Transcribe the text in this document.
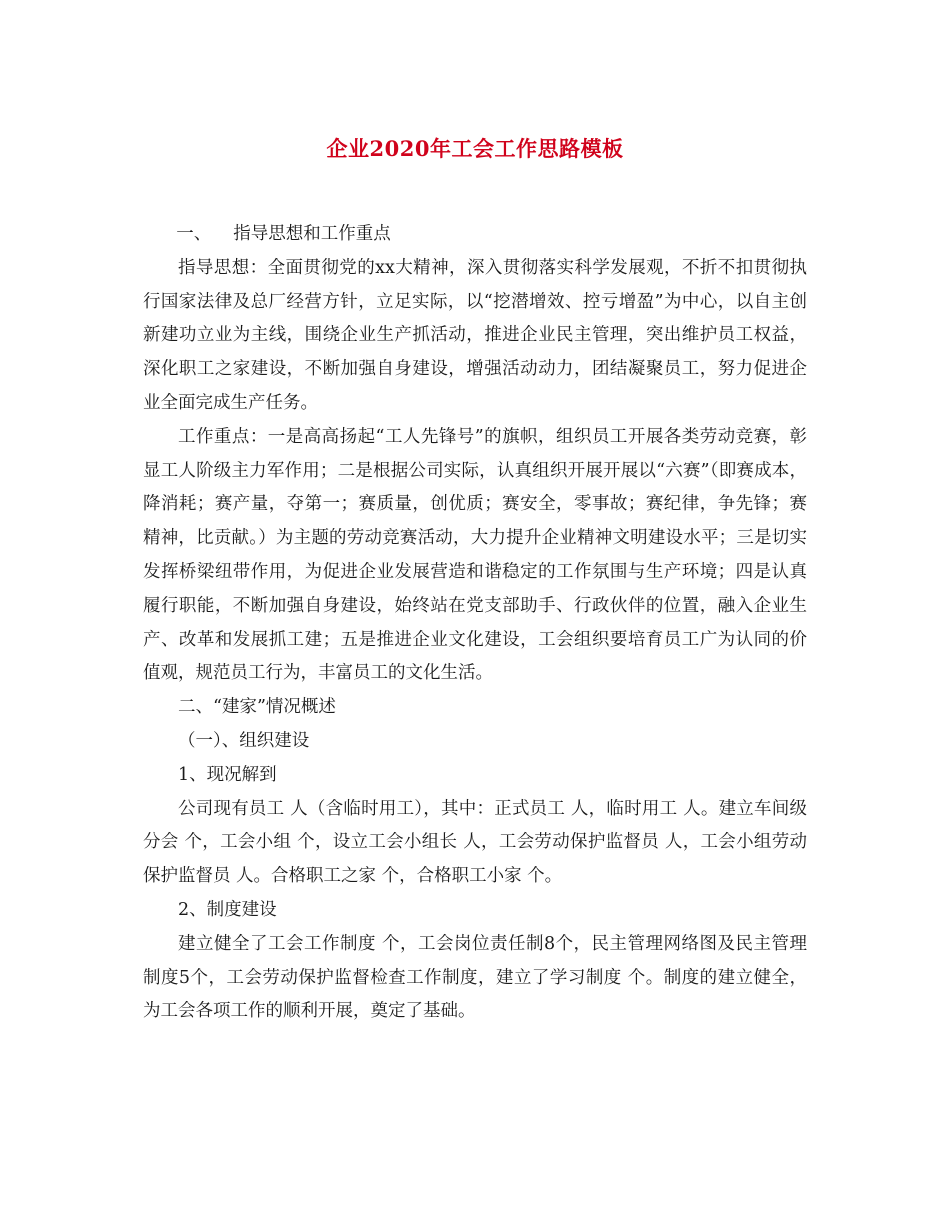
企业2020年工会工作思路模板

一、 指导思想和工作重点

指导思想：全面贯彻党的xx大精神，深入贯彻落实科学发展观，不折不扣贯彻执行国家法律及总厂经营方针，立足实际，以“挖潜增效、控亏增盈”为中心，以自主创新建功立业为主线，围绕企业生产抓活动，推进企业民主管理，突出维护员工权益，深化职工之家建设，不断加强自身建设，增强活动动力，团结凝聚员工，努力促进企业全面完成生产任务。

工作重点：一是高高扬起“工人先锋号”的旗帜，组织员工开展各类劳动竞赛，彰显工人阶级主力军作用；二是根据公司实际，认真组织开展开展以“六赛”（即赛成本，降消耗；赛产量，夺第一；赛质量，创优质；赛安全，零事故；赛纪律，争先锋；赛精神，比贡献。）为主题的劳动竞赛活动，大力提升企业精神文明建设水平；三是切实发挥桥梁纽带作用，为促进企业发展营造和谐稳定的工作氛围与生产环境；四是认真履行职能，不断加强自身建设，始终站在党支部助手、行政伙伴的位置，融入企业生产、改革和发展抓工建；五是推进企业文化建设，工会组织要培育员工广为认同的价值观，规范员工行为，丰富员工的文化生活。

二、“建家”情况概述

（一）、组织建设

1、现况解到

公司现有员工 人（含临时用工），其中：正式员工 人，临时用工 人。建立车间级分会 个，工会小组 个，设立工会小组长 人，工会劳动保护监督员 人，工会小组劳动保护监督员 人。合格职工之家 个，合格职工小家 个。

2、制度建设

建立健全了工会工作制度 个，工会岗位责任制8个，民主管理网络图及民主管理制度5个，工会劳动保护监督检查工作制度，建立了学习制度 个。制度的建立健全，为工会各项工作的顺利开展，奠定了基础。
